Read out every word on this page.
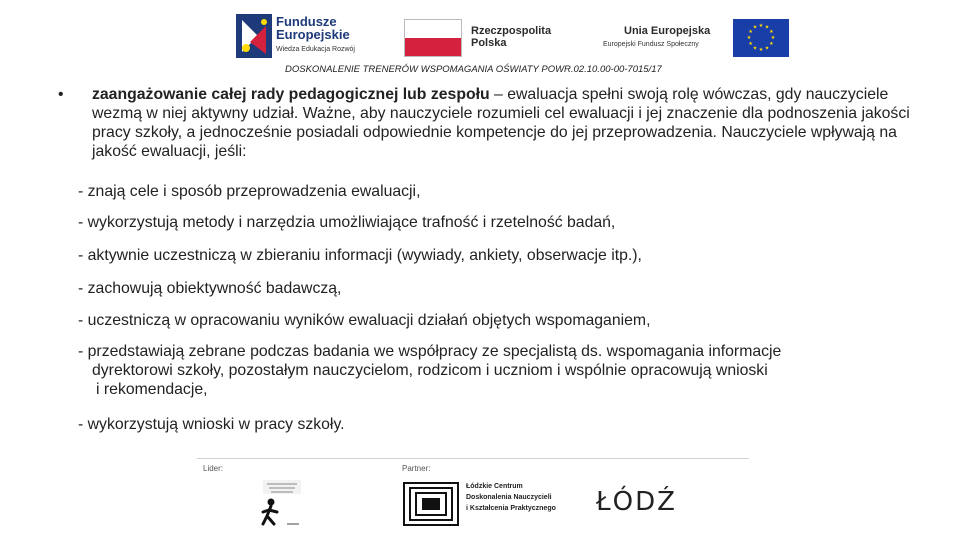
Fundusze
Europejskie
Wiedza Edukacja Rozwój
Rzeczpospolita
Polska
Unia Europejska
Europejski Fundusz Społeczny
★ ★
★
★
★
★
★
★
★
★
★
★
DOSKONALENIE TRENERÓW WSPOMAGANIA OŚWIATY POWR.02.10.00-00-7015/17
• zaangażowanie całej rady pedagogicznej lub zespołu – ewaluacja spełni swoją rolę wówczas, gdy nauczyciele wezmą w niej aktywny udział. Ważne, aby nauczyciele rozumieli cel ewaluacji i jej znaczenie dla podnoszenia jakości pracy szkoły, a jednocześnie posiadali odpowiednie kompetencje do jej przeprowadzenia. Nauczyciele wpływają na jakość ewaluacji, jeśli:
- znają cele i sposób przeprowadzenia ewaluacji,
- wykorzystują metody i narzędzia umożliwiające trafność i rzetelność badań,
- aktywnie uczestniczą w zbieraniu informacji (wywiady, ankiety, obserwacje itp.),
- zachowują obiektywność badawczą,
- uczestniczą w opracowaniu wyników ewaluacji działań objętych wspomaganiem,
- przedstawiają zebrane podczas badania we współpracy ze specjalistą ds. wspomagania informacje
dyrektorowi szkoły, pozostałym nauczycielom, rodzicom i uczniom i wspólnie opracowują wnioski
i rekomendacje,
- wykorzystują wnioski w pracy szkoły.
Lider:	Partner:
Łódzkie Centrum
Doskonalenia Nauczycieli
i Kształcenia Praktycznego	ŁÓDŹ
